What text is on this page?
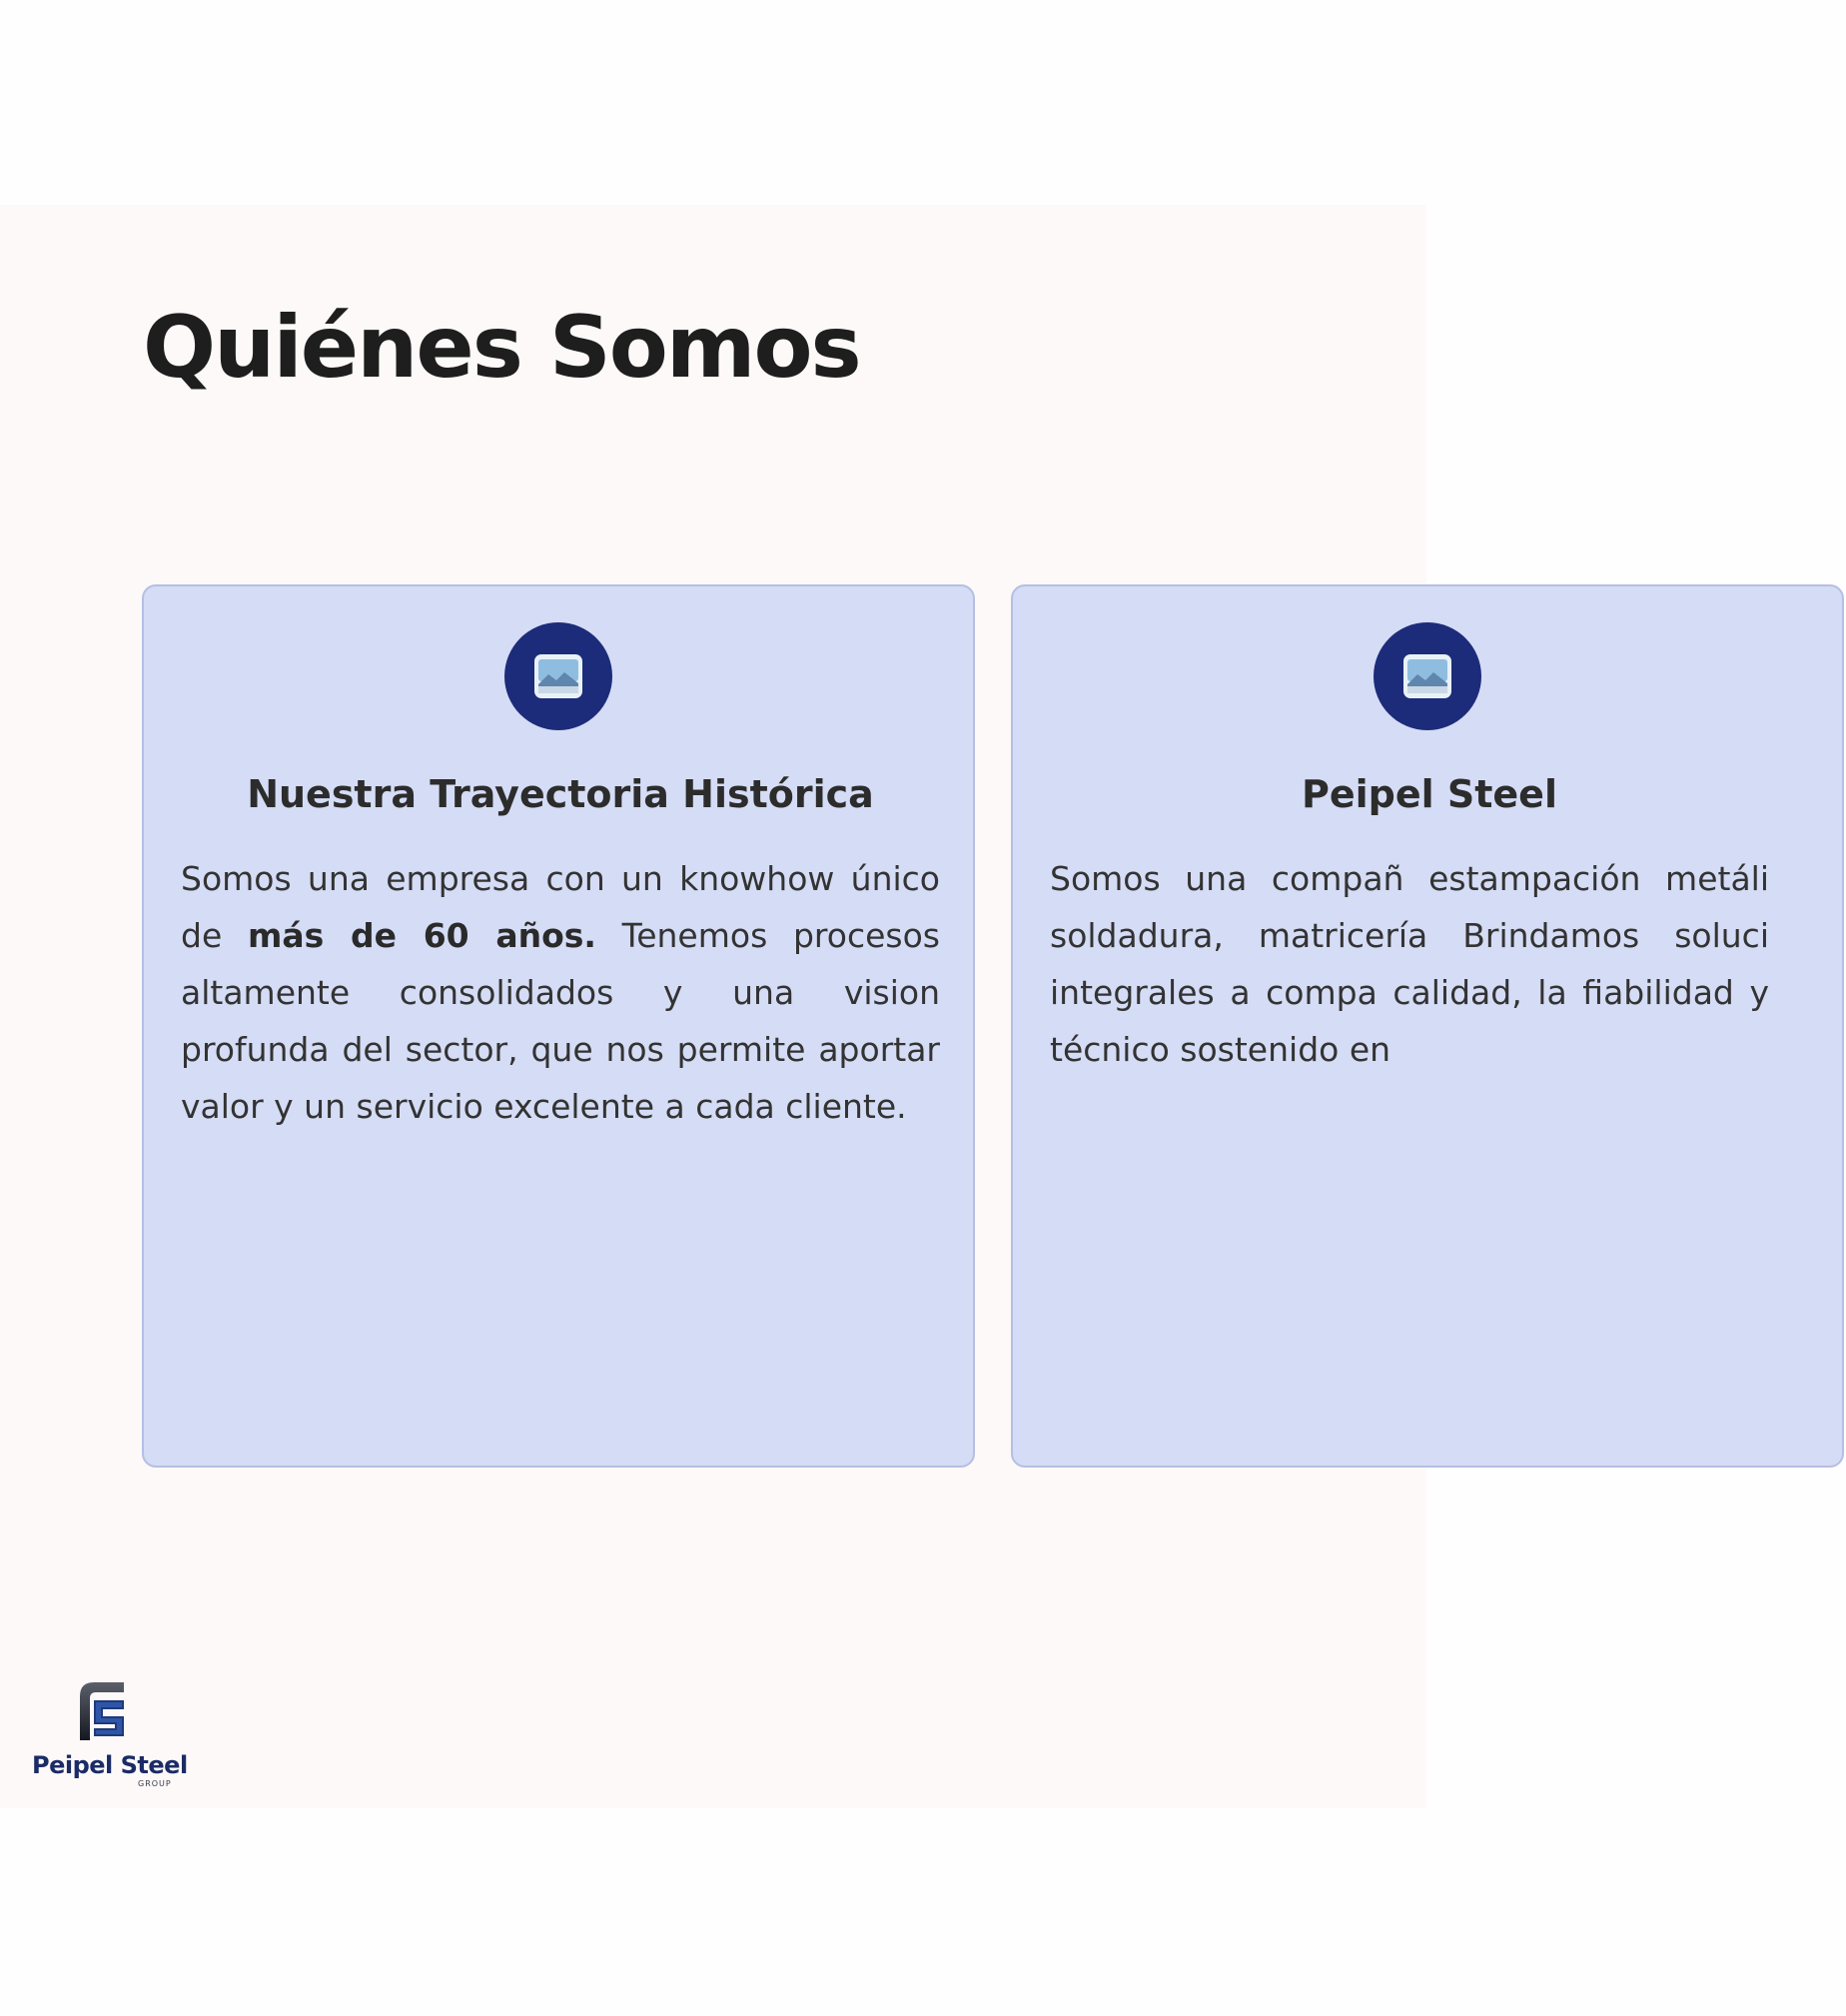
Quiénes Somos
Nuestra Trayectoria Histórica

Somos una empresa con un knowhow único de más de 60 años. Tenemos procesos altamente consolidados y una vision profunda del sector, que nos permite aportar valor y un servicio excelente a cada cliente.

Peipel Steel

Somos una compañ estampación metáli soldadura, matricería Brindamos soluci integrales a compa calidad, la fiabilidad y técnico sostenido en

Peipel Steel
GROUP
